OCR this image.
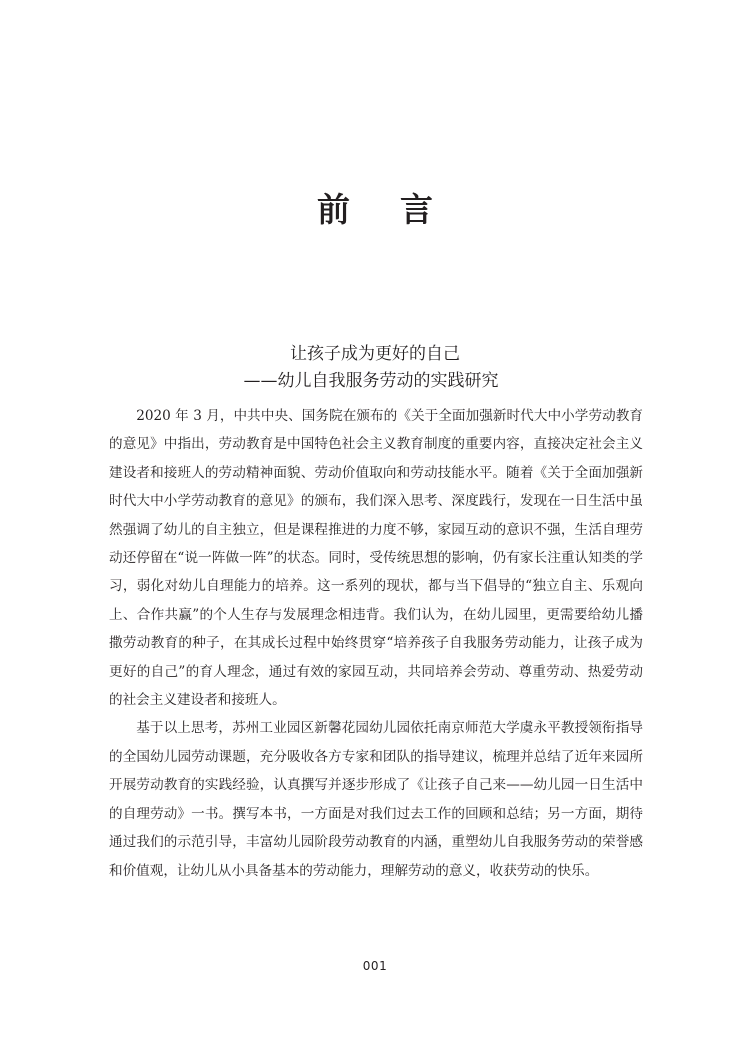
前 言
让孩子成为更好的自己
——幼儿自我服务劳动的实践研究

2020 年 3 月，中共中央、国务院在颁布的《关于全面加强新时代大中小学劳动教育的意见》中指出，劳动教育是中国特色社会主义教育制度的重要内容，直接决定社会主义建设者和接班人的劳动精神面貌、劳动价值取向和劳动技能水平。随着《关于全面加强新时代大中小学劳动教育的意见》的颁布，我们深入思考、深度践行，发现在一日生活中虽然强调了幼儿的自主独立，但是课程推进的力度不够，家园互动的意识不强，生活自理劳动还停留在“说一阵做一阵”的状态。同时，受传统思想的影响，仍有家长注重认知类的学习，弱化对幼儿自理能力的培养。这一系列的现状，都与当下倡导的“独立自主、乐观向上、合作共赢”的个人生存与发展理念相违背。我们认为，在幼儿园里，更需要给幼儿播撒劳动教育的种子，在其成长过程中始终贯穿“培养孩子自我服务劳动能力，让孩子成为更好的自己”的育人理念，通过有效的家园互动，共同培养会劳动、尊重劳动、热爱劳动的社会主义建设者和接班人。

基于以上思考，苏州工业园区新馨花园幼儿园依托南京师范大学虞永平教授领衔指导的全国幼儿园劳动课题，充分吸收各方专家和团队的指导建议，梳理并总结了近年来园所开展劳动教育的实践经验，认真撰写并逐步形成了《让孩子自己来——幼儿园一日生活中的自理劳动》一书。撰写本书，一方面是对我们过去工作的回顾和总结；另一方面，期待通过我们的示范引导，丰富幼儿园阶段劳动教育的内涵，重塑幼儿自我服务劳动的荣誉感和价值观，让幼儿从小具备基本的劳动能力，理解劳动的意义，收获劳动的快乐。

001
